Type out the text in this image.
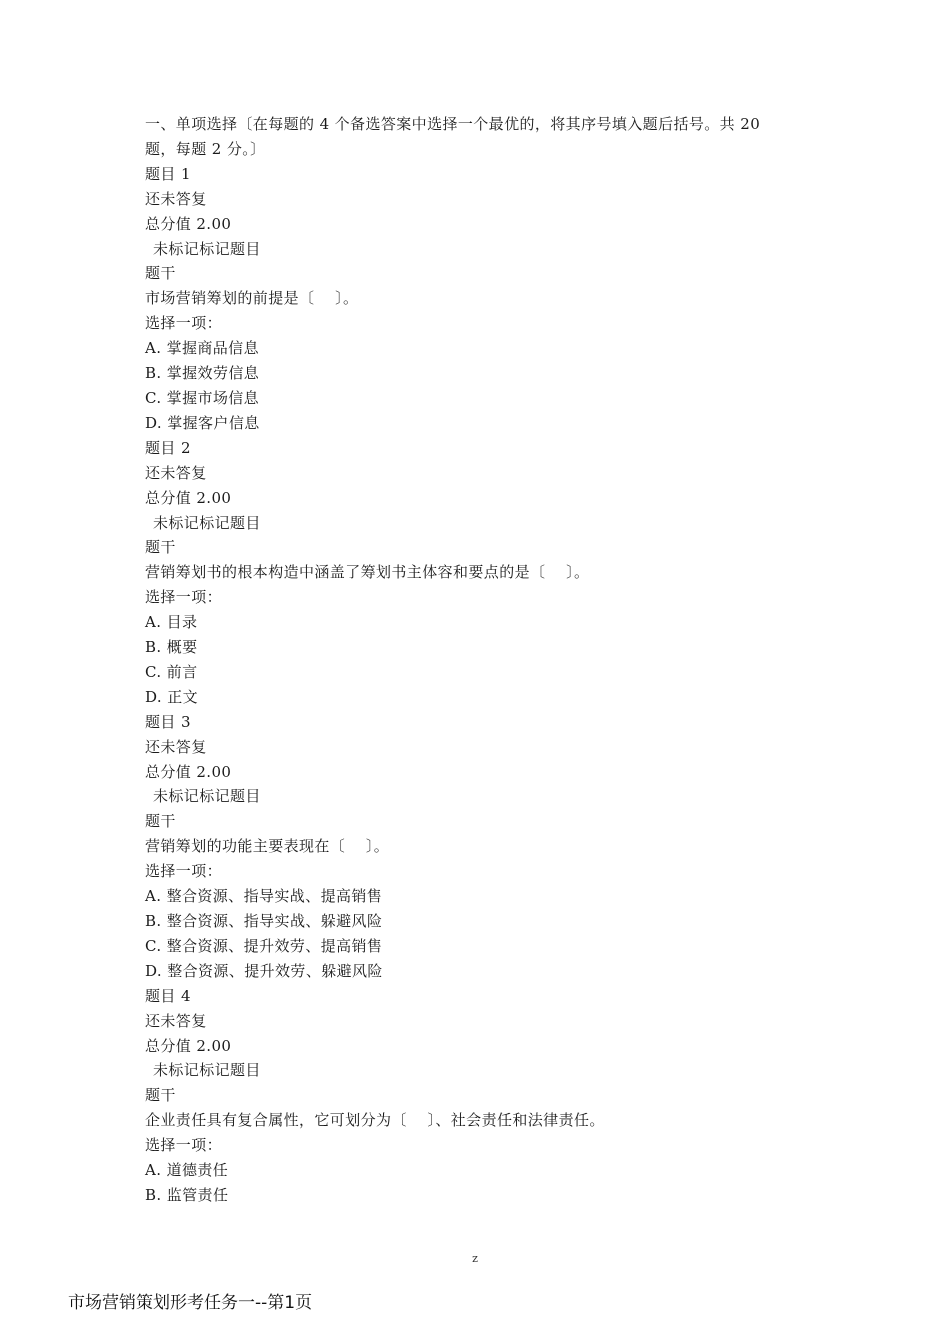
一、单项选择〔在每题的 4 个备选答案中选择一个最优的，将其序号填入题后括号。共 20
题，每题 2 分。〕
题目 1
还未答复
总分值 2.00
未标记标记题目
题干
市场营销筹划的前提是〔    〕。
选择一项：
A. 掌握商品信息
B. 掌握效劳信息
C. 掌握市场信息
D. 掌握客户信息
题目 2
还未答复
总分值 2.00
未标记标记题目
题干
营销筹划书的根本构造中涵盖了筹划书主体容和要点的是〔    〕。
选择一项：
A. 目录
B. 概要
C. 前言
D. 正文
题目 3
还未答复
总分值 2.00
未标记标记题目
题干
营销筹划的功能主要表现在〔    〕。
选择一项：
A. 整合资源、指导实战、提高销售
B. 整合资源、指导实战、躲避风险
C. 整合资源、提升效劳、提高销售
D. 整合资源、提升效劳、躲避风险
题目 4
还未答复
总分值 2.00
未标记标记题目
题干
企业责任具有复合属性，它可划分为〔    〕、社会责任和法律责任。
选择一项：
A. 道德责任
B. 监管责任
z
市场营销策划形考任务一--第1页
